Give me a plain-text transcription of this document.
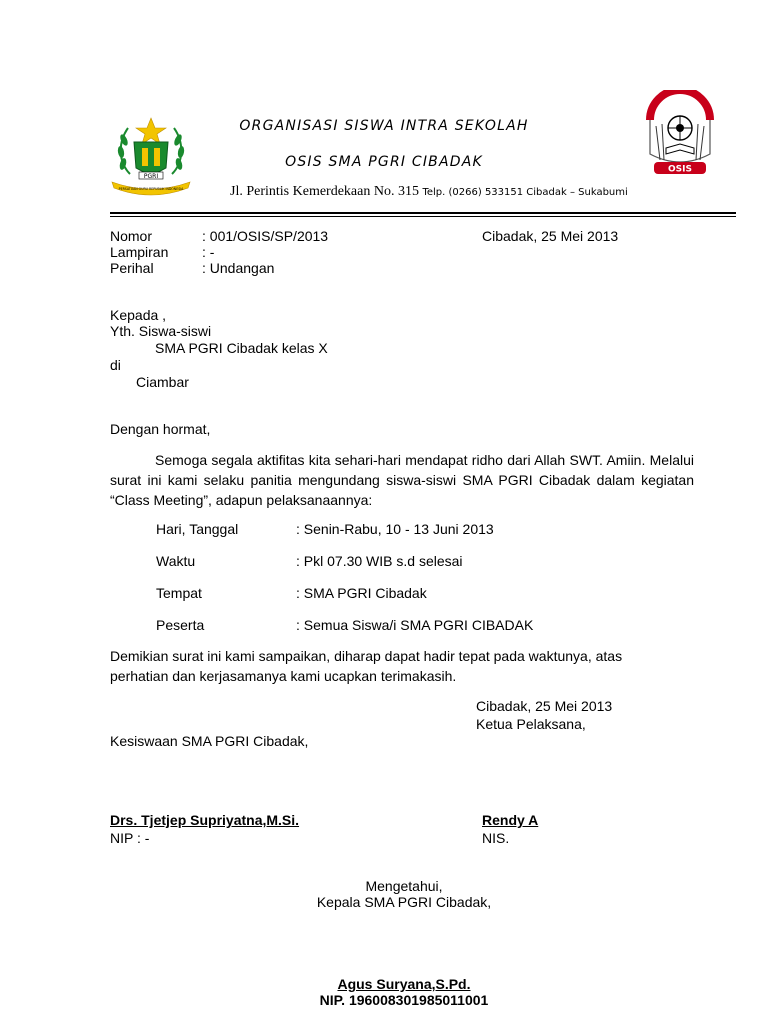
PGRI
PERSATUAN GURU REPUBLIK INDONESIA
OSIS
ORGANISASI SISWA INTRA SEKOLAH
OSIS SMA PGRI CIBADAK
Jl. Perintis Kemerdekaan No. 315 Telp. (0266) 533151 Cibadak – Sukabumi
Nomor	: 001/OSIS/SP/2013
Lampiran : -
Perihal	: Undangan
Cibadak, 25 Mei 2013
Kepada ,
Yth. Siswa-siswi
SMA PGRI Cibadak kelas X
di
Ciambar
Dengan hormat,
Semoga segala aktifitas kita sehari-hari mendapat ridho dari Allah SWT. Amiin. Melalui surat ini kami selaku panitia mengundang siswa-siswi SMA PGRI Cibadak dalam kegiatan “Class Meeting”, adapun pelaksanaannya:
Hari, Tanggal	: Senin-Rabu, 10 - 13 Juni 2013
Waktu	: Pkl 07.30 WIB s.d selesai
Tempat	: SMA PGRI Cibadak
Peserta	: Semua Siswa/i SMA PGRI CIBADAK
Demikian surat ini kami sampaikan, diharap dapat hadir tepat pada waktunya, atas perhatian dan kerjasamanya kami ucapkan terimakasih.
Cibadak, 25 Mei 2013
Ketua Pelaksana,
Kesiswaan SMA PGRI Cibadak,
Drs. Tjetjep Supriyatna,M.Si.
NIP : -
Rendy A
NIS.
Mengetahui,
Kepala SMA PGRI Cibadak,
Agus Suryana,S.Pd.
NIP. 196008301985011001
